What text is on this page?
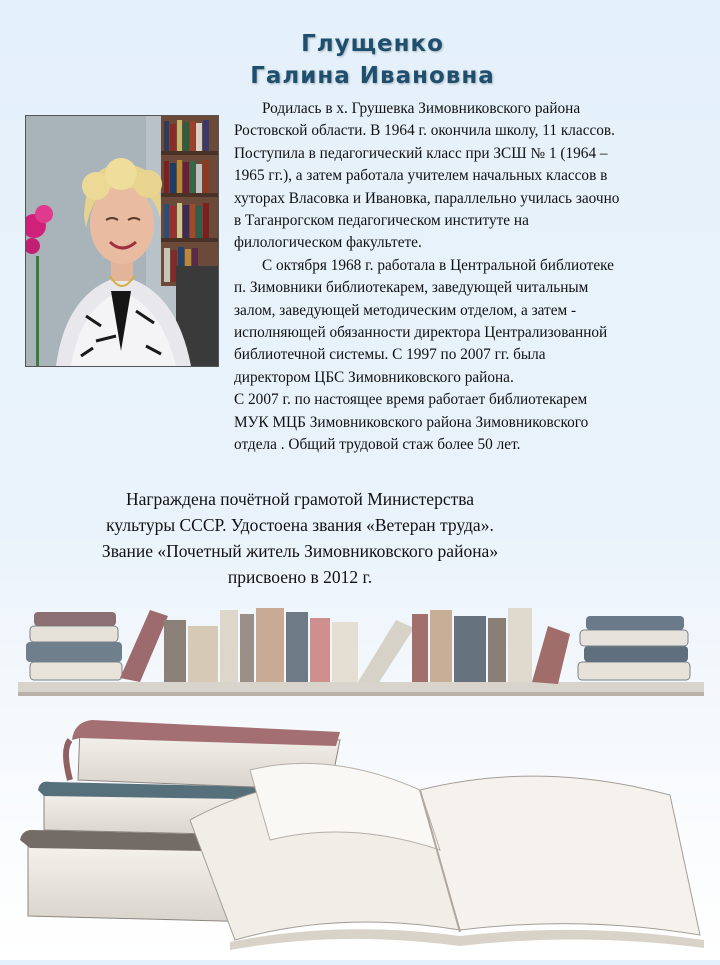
Глущенко
Галина Ивановна

Родилась в х. Грушевка Зимовниковского района

Ростовской области. В 1964 г. окончила школу, 11 классов.

Поступила в педагогический класс при ЗСШ № 1 (1964 –

1965 гг.), а затем работала учителем начальных классов в

хуторах Власовка и Ивановка, параллельно училась заочно

в Таганрогском педагогическом институте на

филологическом факультете.

С октября 1968 г. работала в Центральной библиотеке

п. Зимовники библиотекарем, заведующей читальным

залом, заведующей методическим отделом, а затем -

исполняющей обязанности директора Централизованной

библиотечной системы. С 1997 по 2007 гг. была

директором ЦБС Зимовниковского района.

С 2007 г. по настоящее время работает библиотекарем

МУК МЦБ Зимовниковского района Зимовниковского

отдела . Общий трудовой стаж более 50 лет.

Награждена почётной грамотой Министерства
культуры СССР. Удостоена звания «Ветеран труда».
Звание «Почетный житель Зимовниковского района»
присвоено в 2012 г.
